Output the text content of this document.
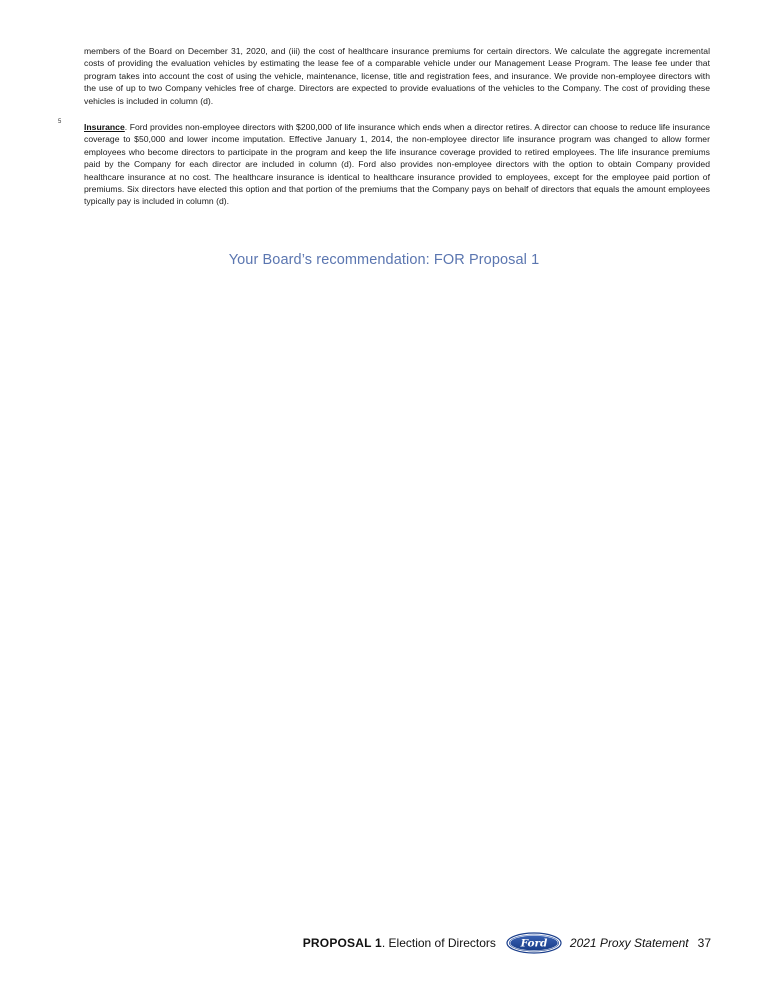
members of the Board on December 31, 2020, and (iii) the cost of healthcare insurance premiums for certain directors. We calculate the aggregate incremental costs of providing the evaluation vehicles by estimating the lease fee of a comparable vehicle under our Management Lease Program. The lease fee under that program takes into account the cost of using the vehicle, maintenance, license, title and registration fees, and insurance. We provide non-employee directors with the use of up to two Company vehicles free of charge. Directors are expected to provide evaluations of the vehicles to the Company. The cost of providing these vehicles is included in column (d).

5	Insurance. Ford provides non-employee directors with $200,000 of life insurance which ends when a director retires. A director can choose to reduce life insurance coverage to $50,000 and lower income imputation. Effective January 1, 2014, the non-employee director life insurance program was changed to allow former employees who become directors to participate in the program and keep the life insurance coverage provided to retired employees. The life insurance premiums paid by the Company for each director are included in column (d). Ford also provides non-employee directors with the option to obtain Company provided healthcare insurance at no cost. The healthcare insurance is identical to healthcare insurance provided to employees, except for the employee paid portion of premiums. Six directors have elected this option and that portion of the premiums that the Company pays on behalf of directors that equals the amount employees typically pay is included in column (d).

Your Board’s recommendation: FOR Proposal 1
PROPOSAL 1 . Election of Directors Ford 2021 Proxy Statement 37
